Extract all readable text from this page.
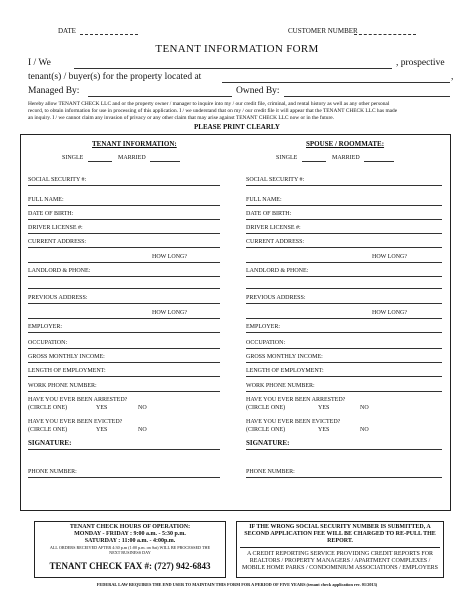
DATE	CUSTOMER NUMBER
TENANT INFORMATION FORM
I / We	, prospective
tenant(s) / buyer(s) for the property located at	,
Managed By:	Owned By:
Hereby allow TENANT CHECK LLC and or the property owner / manager to inquire into my / our credit file, criminal, and rental history as well as any other personal
record, to obtain information for use in processing of this application. I / we understand that on my / our credit file it will appear that the TENANT CHECK LLC has made
an inquiry. I / we cannot claim any invasion of privacy or any other claim that may arise against TENANT CHECK LLC now or in the future.
PLEASE PRINT CLEARLY
TENANT INFORMATION:
SINGLE	MARRIED
SOCIAL SECURITY #:
FULL NAME:
DATE OF BIRTH:
DRIVER LICENSE #:
CURRENT ADDRESS:
HOW LONG?
LANDLORD & PHONE:
PREVIOUS ADDRESS:
HOW LONG?
EMPLOYER:
OCCUPATION:
GROSS MONTHLY INCOME:
LENGTH OF EMPLOYMENT:
WORK PHONE NUMBER:
HAVE YOU EVER BEEN ARRESTED?
(CIRCLE ONE)	YES	NO
HAVE YOU EVER BEEN EVICTED?
(CIRCLE ONE)	YES	NO
SIGNATURE:
PHONE NUMBER:
SPOUSE / ROOMMATE:
SINGLE	MARRIED
SOCIAL SECURITY #:
FULL NAME:
DATE OF BIRTH:
DRIVER LICENSE #:
CURRENT ADDRESS:
HOW LONG?
LANDLORD & PHONE:
PREVIOUS ADDRESS:
HOW LONG?
EMPLOYER:
OCCUPATION:
GROSS MONTHLY INCOME:
LENGTH OF EMPLOYMENT:
WORK PHONE NUMBER:
HAVE YOU EVER BEEN ARRESTED?
(CIRCLE ONE)	YES	NO
HAVE YOU EVER BEEN EVICTED?
(CIRCLE ONE)	YES	NO
SIGNATURE:
PHONE NUMBER:
TENANT CHECK HOURS OF OPERATION:
MONDAY - FRIDAY : 9:00 a.m. - 5:30 p.m.
SATURDAY : 11:00 a.m. - 4:00p.m.
ALL ORDERS RECEIVED AFTER 4:30 p.m (1:00 p.m. on Sat) WILL BE PROCESSED THE
NEXT BUSINESS DAY
TENANT CHECK FAX #: (727) 942-6843
IF THE WRONG SOCIAL SECURITY NUMBER IS SUBMITTED, A
SECOND APPLICATION FEE WILL BE CHARGED TO RE-PULL THE
REPORT.
A CREDIT REPORTING SERVICE PROVIDING CREDIT REPORTS FOR
REALTORS / PROPERTY MANAGERS / APARTMENT COMPLEXES /
MOBILE HOME PARKS / CONDOMINIUM ASSOCIATIONS / EMPLOYERS
FEDERAL LAW REQUIRES THE END USER TO MAINTAIN THIS FORM FOR A PERIOD OF FIVE YEARS (tenant check application rev. 01/2013)
